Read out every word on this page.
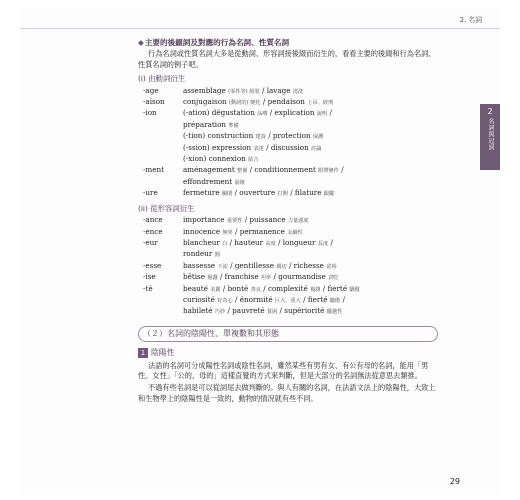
2. 名詞
2
名詞與冠詞
◆主要的後綴詞及對應的行為名詞、性質名詞
行為名詞或性質名詞大多是從動詞、形容詞接後綴而衍生的，看看主要的後綴和行為名詞、性質名詞的例子吧。
(i) 由動詞衍生
-age	assemblage (零件等) 組裝 / lavage 清洗
-aison	conjugaison (動詞的) 變化 / pendaison 上吊、絞刑
-ion	(-ation) dégustation 品嚐 / explication 說明 /
préparation 準備
(-tion) construction 建設 / protection 保護
(-ssion) expression 表達 / discussion 討論
(-xion) connexion 結合
-ment	aménagement 整備 / conditionnement 附帶條件 /
effondrement 崩壞
-ure	fermeture 關閉 / ouverture 打開 / filature 跟蹤
(ii) 從形容詞衍生
-ance	importance 重要性 / puissance 力量強度
-ence	innocence 無辜 / permanence 永續性
-eur	blancheur 白 / hauteur 高度 / longueur 長度 /
rondeur 圓
-esse	bassesse 下流 / gentillesse 親切 / richesse 富裕
-ise	bêtise 愚蠢 / franchise 坦率 / gourmandise 貪吃
-té	beauté 美麗 / bonté 善良 / complexité 複雜 / fierté 驕傲
curiosité 好奇心 / énormité 巨大、重大 / fierté 驕傲 /
habileté 巧妙 / pauvreté 貧困 / supériorité 優越性
（２）名詞的陰陽性、單複數和其形態
1 陰陽性
法語的名詞可分成陽性名詞或陰性名詞，雖然某些有男有女、有公有母的名詞，能用「男性、女性」「公的、母的」這樣直覺的方式來判斷，但是大部分的名詞無法從意思去類推。
不過有些名詞是可以從詞尾去做判斷的。與人有關的名詞，在法語文法上的陰陽性，大致上和生物學上的陰陽性是一致的，動物的情況就有些不同。
29
